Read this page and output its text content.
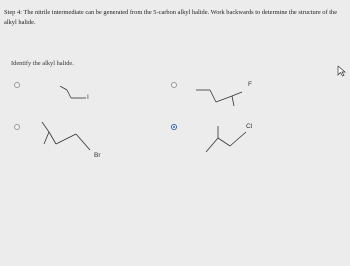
Step 4: The nitrile intermediate can be generated from the 5-carbon alkyl halide. Work backwards to determine the structure of the alkyl halide.
Identify the alkyl halide.
I
F
Br
Cl
